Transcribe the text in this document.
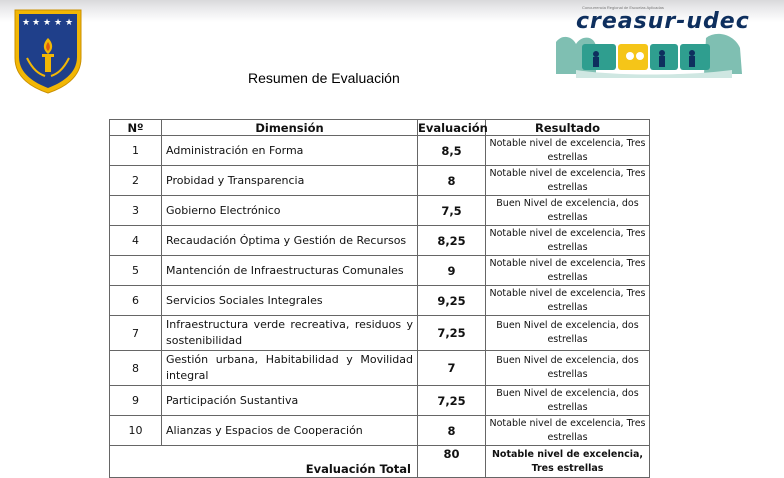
★ ★ ★ ★ ★
Concurrencia Regional de Escuelas Aplicadas
creasur-udec
Resumen de Evaluación
Nº	Dimensión	Evaluación	Resultado
1	Administración en Forma	8,5	Notable nivel de excelencia, Tres estrellas
2	Probidad y Transparencia	8	Notable nivel de excelencia, Tres estrellas
3	Gobierno Electrónico	7,5	Buen Nivel de excelencia, dos estrellas
4	Recaudación Óptima y Gestión de Recursos	8,25	Notable nivel de excelencia, Tres estrellas
5	Mantención de Infraestructuras Comunales	9	Notable nivel de excelencia, Tres estrellas
6	Servicios Sociales Integrales	9,25	Notable nivel de excelencia, Tres estrellas
7	Infraestructura verde recreativa, residuos y sostenibilidad	7,25	Buen Nivel de excelencia, dos estrellas
8	Gestión urbana, Habitabilidad y Movilidad integral	7	Buen Nivel de excelencia, dos estrellas
9	Participación Sustantiva	7,25	Buen Nivel de excelencia, dos estrellas
10	Alianzas y Espacios de Cooperación	8	Notable nivel de excelencia, Tres estrellas
Evaluación Total		80	Notable nivel de excelencia, Tres estrellas
